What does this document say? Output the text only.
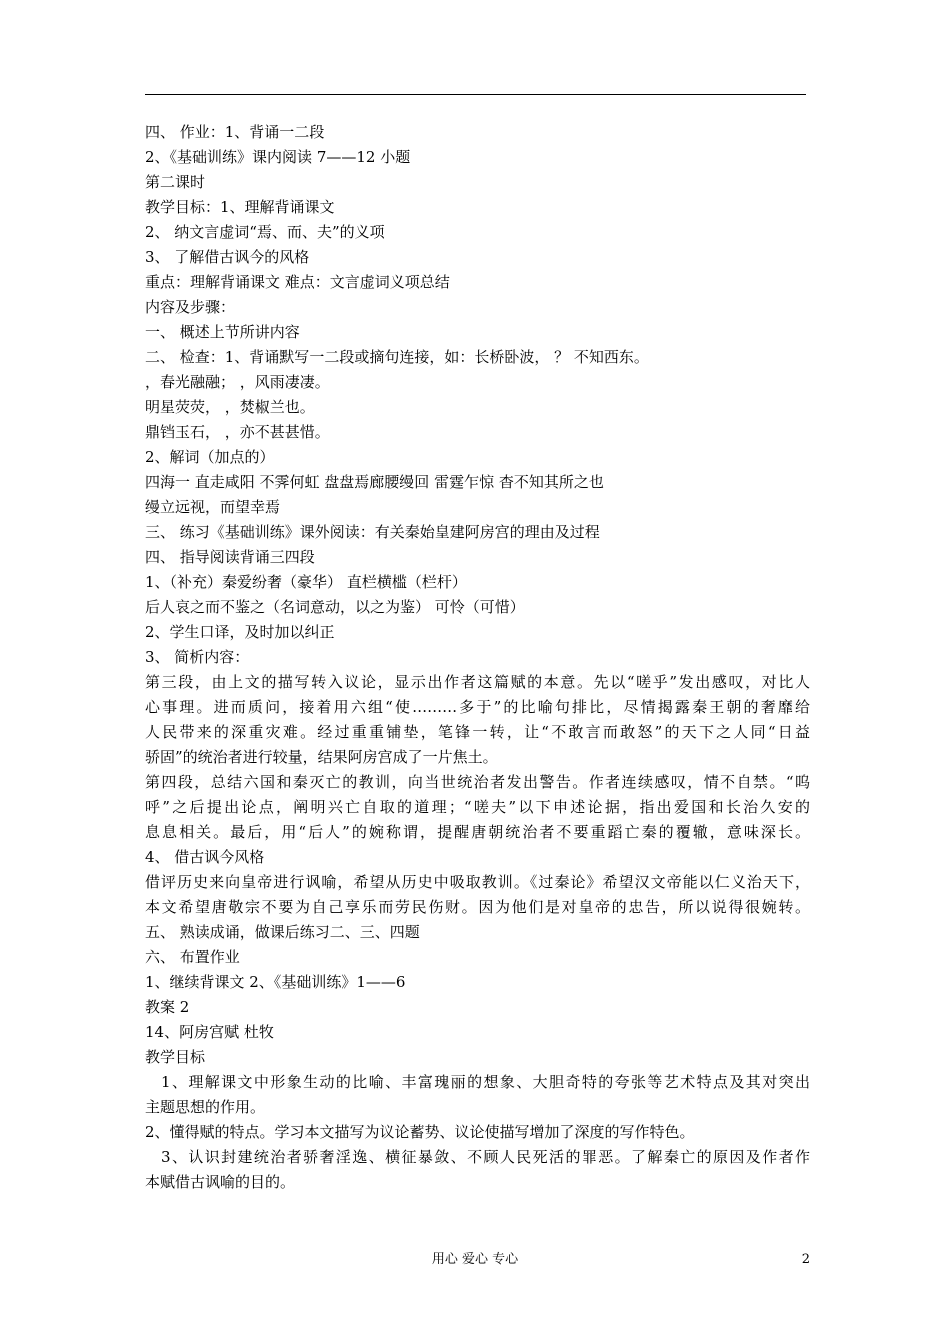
四、 作业：1、背诵一二段
2、《基础训练》课内阅读 7——12 小题
第二课时
教学目标：1、理解背诵课文
2、 纳文言虚词“焉、而、夫”的义项
3、 了解借古讽今的风格
重点：理解背诵课文 难点：文言虚词义项总结
内容及步骤：
一、 概述上节所讲内容
二、 检查：1、背诵默写一二段或摘句连接，如：长桥卧波， ？ 不知西东。
，春光融融； ，风雨凄凄。
明星荧荧， ，焚椒兰也。
鼎铛玉石， ，亦不甚甚惜。
2、解词（加点的）
四海一 直走咸阳 不霁何虹 盘盘焉廊腰缦回 雷霆乍惊 杳不知其所之也
缦立远视，而望幸焉
三、 练习《基础训练》课外阅读：有关秦始皇建阿房宫的理由及过程
四、 指导阅读背诵三四段
1、（补充）秦爱纷奢（豪华） 直栏横槛（栏杆）
后人哀之而不鉴之（名词意动，以之为鉴） 可怜（可惜）
2、学生口译，及时加以纠正
3、 简析内容：
第三段，由上文的描写转入议论，显示出作者这篇赋的本意。先以“嗟乎”发出感叹，对比人
心事理。进而质问，接着用六组“使………多于”的比喻句排比，尽情揭露秦王朝的奢靡给
人民带来的深重灾难。经过重重铺垫，笔锋一转，让“不敢言而敢怒”的天下之人同“日益
骄固”的统治者进行较量，结果阿房宫成了一片焦土。
第四段，总结六国和秦灭亡的教训，向当世统治者发出警告。作者连续感叹，情不自禁。“呜
呼”之后提出论点，阐明兴亡自取的道理；“嗟夫”以下申述论据，指出爱国和长治久安的
息息相关。最后，用“后人”的婉称谓，提醒唐朝统治者不要重蹈亡秦的覆辙，意味深长。
4、 借古讽今风格
借评历史来向皇帝进行讽喻，希望从历史中吸取教训。《过秦论》希望汉文帝能以仁义治天下，
本文希望唐敬宗不要为自己享乐而劳民伤财。因为他们是对皇帝的忠告，所以说得很婉转。
五、 熟读成诵，做课后练习二、三、四题
六、 布置作业
1、继续背课文 2、《基础训练》1——6
教案 2
14、阿房宫赋 杜牧
教学目标
1、理解课文中形象生动的比喻、丰富瑰丽的想象、大胆奇特的夸张等艺术特点及其对突出
主题思想的作用。
2、懂得赋的特点。学习本文描写为议论蓄势、议论使描写增加了深度的写作特色。
3、认识封建统治者骄奢淫逸、横征暴敛、不顾人民死活的罪恶。了解秦亡的原因及作者作
本赋借古讽喻的目的。
用心 爱心 专心	2
